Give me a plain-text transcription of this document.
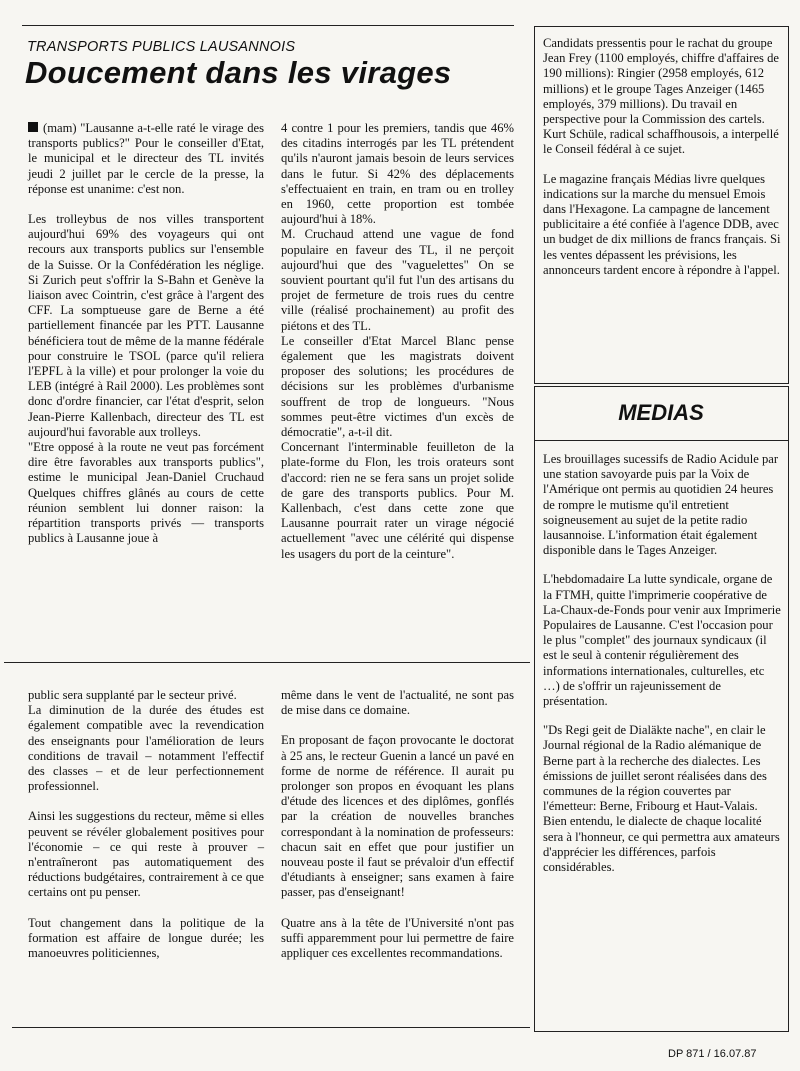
TRANSPORTS PUBLICS LAUSANNOIS
Doucement dans les virages

(mam) "Lausanne a-t-elle raté le virage des transports publics?" Pour le conseiller d'Etat, le municipal et le directeur des TL invités jeudi 2 juillet par le cercle de la presse, la réponse est unanime: c'est non.

Les trolleybus de nos villes transportent aujourd'hui 69% des voyageurs qui ont recours aux transports publics sur l'ensemble de la Suisse. Or la Confédération les néglige. Si Zurich peut s'offrir la S-Bahn et Genève la liaison avec Cointrin, c'est grâce à l'argent des CFF. La somptueuse gare de Berne a été partiellement financée par les PTT. Lausanne bénéficiera tout de même de la manne fédérale pour construire le TSOL (parce qu'il reliera l'EPFL à la ville) et pour prolonger la voie du LEB (intégré à Rail 2000). Les problèmes sont donc d'ordre financier, car l'état d'esprit, selon Jean-Pierre Kallenbach, directeur des TL est aujourd'hui favorable aux trolleys.

"Etre opposé à la route ne veut pas forcément dire être favorables aux transports publics", estime le municipal Jean-Daniel Cruchaud Quelques chiffres glânés au cours de cette réunion semblent lui donner raison: la répartition transports privés — transports publics à Lausanne joue à

4 contre 1 pour les premiers, tandis que 46% des citadins interrogés par les TL prétendent qu'ils n'auront jamais besoin de leurs services dans le futur. Si 42% des déplacements s'effectuaient en train, en tram ou en trolley en 1960, cette proportion est tombée aujourd'hui à 18%.

M. Cruchaud attend une vague de fond populaire en faveur des TL, il ne perçoit aujourd'hui que des "vaguelettes" On se souvient pourtant qu'il fut l'un des artisans du projet de fermeture de trois rues du centre ville (réalisé prochainement) au profit des piétons et des TL.

Le conseiller d'Etat Marcel Blanc pense également que les magistrats doivent proposer des solutions; les procédures de décisions sur les problèmes d'urbanisme souffrent de trop de longueurs. "Nous sommes peut-être victimes d'un excès de démocratie", a-t-il dit.

Concernant l'interminable feuilleton de la plate-forme du Flon, les trois orateurs sont d'accord: rien ne se fera sans un projet solide de gare des transports publics. Pour M. Kallenbach, c'est dans cette zone que Lausanne pourrait rater un virage négocié actuellement "avec une célérité qui dispense les usagers du port de la ceinture".

public sera supplanté par le secteur privé.

La diminution de la durée des études est également compatible avec la revendication des enseignants pour l'amélioration de leurs conditions de travail – notamment l'effectif des classes – et de leur perfectionnement professionnel.

Ainsi les suggestions du recteur, même si elles peuvent se révéler globalement positives pour l'économie – ce qui reste à prouver – n'entraîneront pas automatiquement des réductions budgétaires, contrairement à ce que certains ont pu penser.

Tout changement dans la politique de la formation est affaire de longue durée; les manoeuvres politiciennes,

même dans le vent de l'actualité, ne sont pas de mise dans ce domaine.

En proposant de façon provocante le doctorat à 25 ans, le recteur Guenin a lancé un pavé en forme de norme de référence. Il aurait pu prolonger son propos en évoquant les plans d'étude des licences et des diplômes, gonflés par la création de nouvelles branches correspondant à la nomination de professeurs: chacun sait en effet que pour justifier un nouveau poste il faut se prévaloir d'un effectif d'étudiants à enseigner; sans examen à faire passer, pas d'enseignant!

Quatre ans à la tête de l'Université n'ont pas suffi apparemment pour lui permettre de faire appliquer ces excellentes recommandations.

Candidats pressentis pour le rachat du groupe Jean Frey (1100 employés, chiffre d'affaires de 190 millions): Ringier (2958 employés, 612 millions) et le groupe Tages Anzeiger (1465 employés, 379 millions). Du travail en perspective pour la Commission des cartels. Kurt Schüle, radical schaffhousois, a interpellé le Conseil fédéral à ce sujet.

Le magazine français Médias livre quelques indications sur la marche du mensuel Emois dans l'Hexagone. La campagne de lancement publicitaire a été confiée à l'agence DDB, avec un budget de dix millions de francs français. Si les ventes dépassent les prévisions, les annonceurs tardent encore à répondre à l'appel.

MEDIAS

Les brouillages sucessifs de Radio Acidule par une station savoyarde puis par la Voix de l'Amérique ont permis au quotidien 24 heures de rompre le mutisme qu'il entretient soigneusement au sujet de la petite radio lausannoise. L'information était également disponible dans le Tages Anzeiger.

L'hebdomadaire La lutte syndicale, organe de la FTMH, quitte l'imprimerie coopérative de La-Chaux-de-Fonds pour venir aux Imprimerie Populaires de Lausanne. C'est l'occasion pour le plus "complet" des journaux syndicaux (il est le seul à contenir régulièrement des informations internationales, culturelles, etc …) de s'offrir un rajeunissement de présentation.

"Ds Regi geit de Dialäkte nache", en clair le Journal régional de la Radio alémanique de Berne part à la recherche des dialectes. Les émissions de juillet seront réalisées dans des communes de la région couvertes par l'émetteur: Berne, Fribourg et Haut-Valais. Bien entendu, le dialecte de chaque localité sera à l'honneur, ce qui permettra aux amateurs d'apprécier les différences, parfois considérables.

DP 871 / 16.07.87
